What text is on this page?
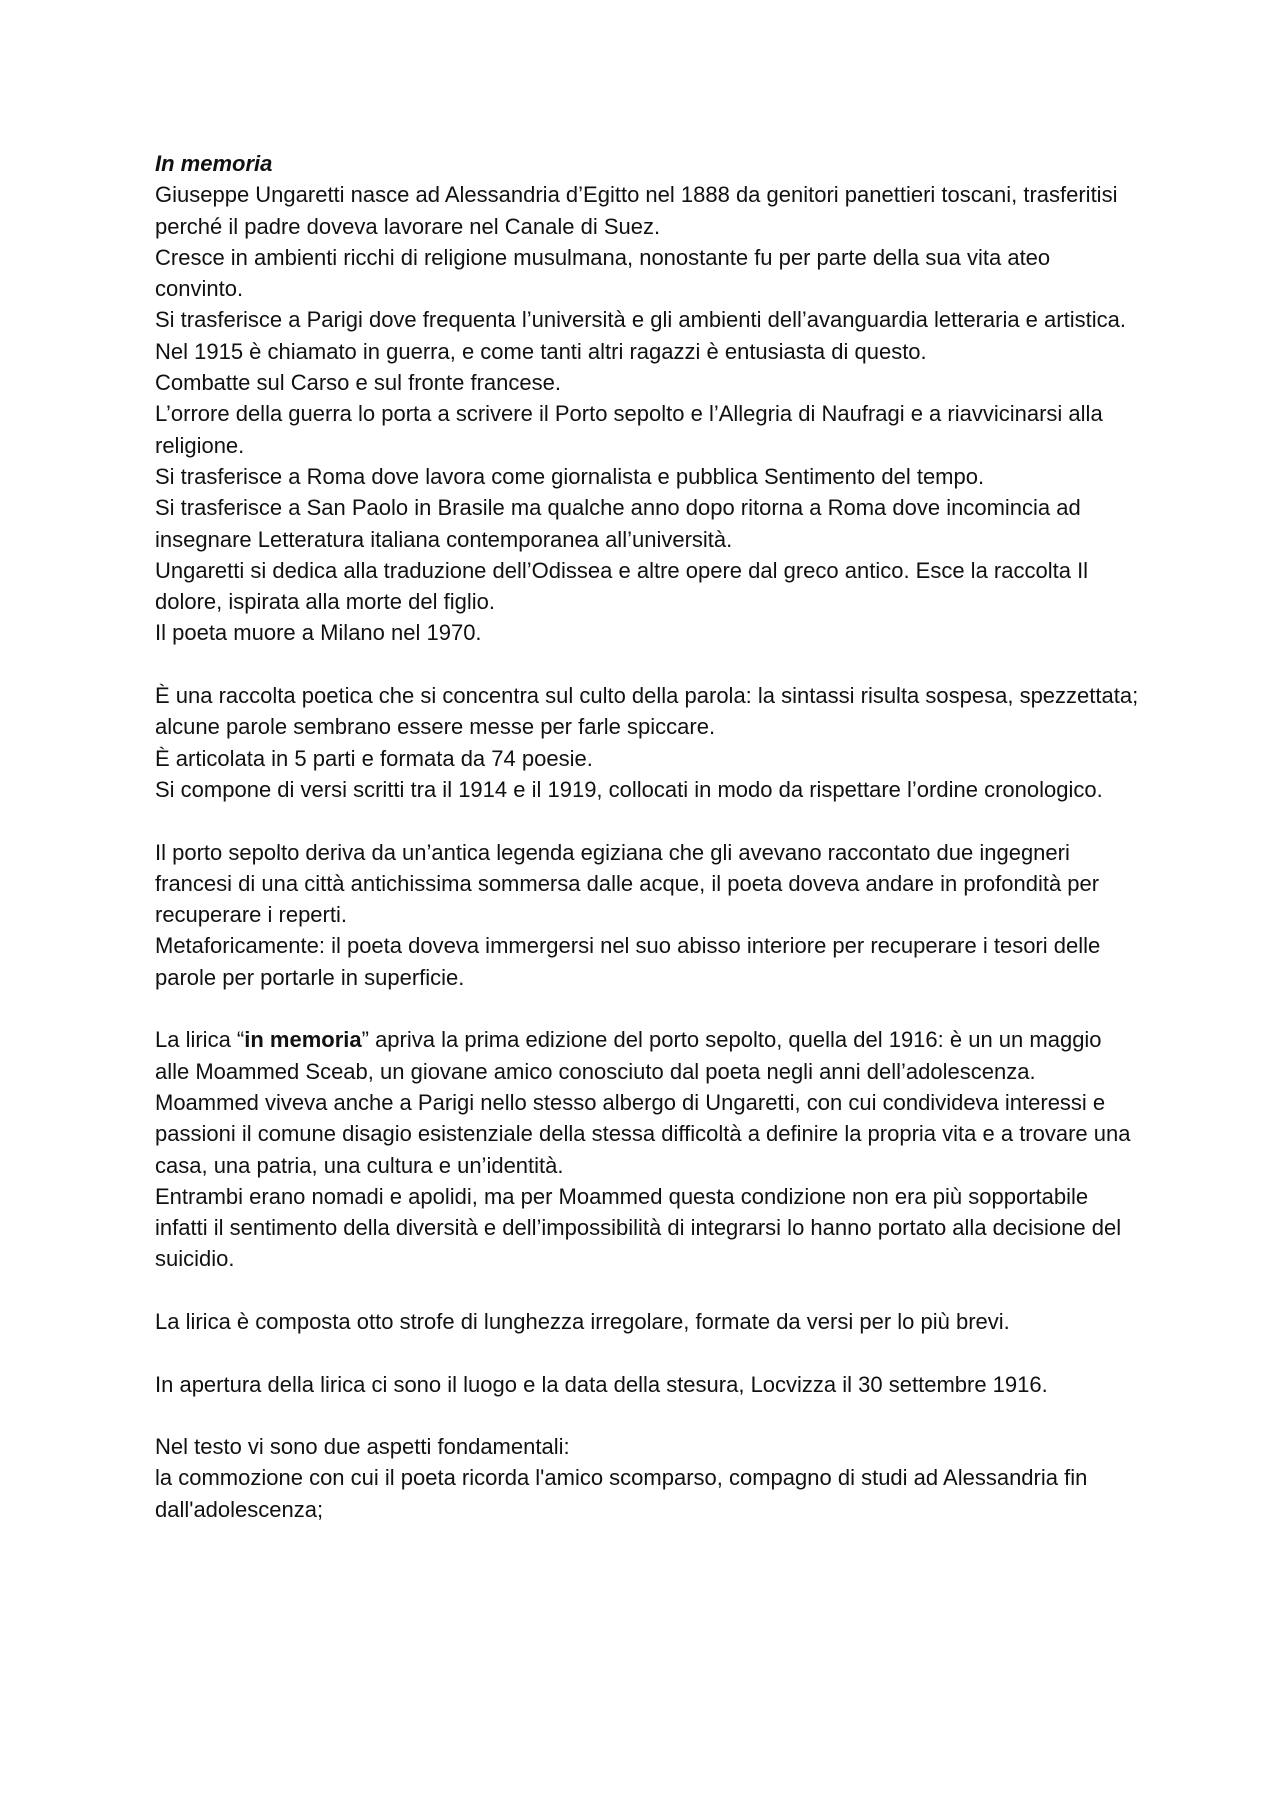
In memoria

Giuseppe Ungaretti nasce ad Alessandria d’Egitto nel 1888 da genitori panettieri toscani, trasferitisi perché il padre doveva lavorare nel Canale di Suez.

Cresce in ambienti ricchi di religione musulmana, nonostante fu per parte della sua vita ateo convinto.

Si trasferisce a Parigi dove frequenta l’università e gli ambienti dell’avanguardia letteraria e artistica.

Nel 1915 è chiamato in guerra, e come tanti altri ragazzi è entusiasta di questo.

Combatte sul Carso e sul fronte francese.

L’orrore della guerra lo porta a scrivere il Porto sepolto e l’Allegria di Naufragi e a riavvicinarsi alla religione.

Si trasferisce a Roma dove lavora come giornalista e pubblica Sentimento del tempo.

Si trasferisce a San Paolo in Brasile ma qualche anno dopo ritorna a Roma dove incomincia ad insegnare Letteratura italiana contemporanea all’università.

Ungaretti si dedica alla traduzione dell’Odissea e altre opere dal greco antico. Esce la raccolta Il dolore, ispirata alla morte del figlio.

Il poeta muore a Milano nel 1970.

È una raccolta poetica che si concentra sul culto della parola: la sintassi risulta sospesa, spezzettata; alcune parole sembrano essere messe per farle spiccare.

È articolata in 5 parti e formata da 74 poesie.

Si compone di versi scritti tra il 1914 e il 1919, collocati in modo da rispettare l’ordine cronologico.

Il porto sepolto deriva da un’antica legenda egiziana che gli avevano raccontato due ingegneri francesi di una città antichissima sommersa dalle acque, il poeta doveva andare in profondità per recuperare i reperti.

Metaforicamente: il poeta doveva immergersi nel suo abisso interiore per recuperare i tesori delle parole per portarle in superficie.

La lirica “in memoria” apriva la prima edizione del porto sepolto, quella del 1916: è un un maggio alle Moammed Sceab, un giovane amico conosciuto dal poeta negli anni dell’adolescenza.

Moammed viveva anche a Parigi nello stesso albergo di Ungaretti, con cui condivideva interessi e passioni il comune disagio esistenziale della stessa difficoltà a definire la propria vita e a trovare una casa, una patria, una cultura e un’identità.

Entrambi erano nomadi e apolidi, ma per Moammed questa condizione non era più sopportabile infatti il sentimento della diversità e dell’impossibilità di integrarsi lo hanno portato alla decisione del suicidio.

La lirica è composta otto strofe di lunghezza irregolare, formate da versi per lo più brevi.

In apertura della lirica ci sono il luogo e la data della stesura, Locvizza il 30 settembre 1916.

Nel testo vi sono due aspetti fondamentali:

la commozione con cui il poeta ricorda l'amico scomparso, compagno di studi ad Alessandria fin dall'adolescenza;
